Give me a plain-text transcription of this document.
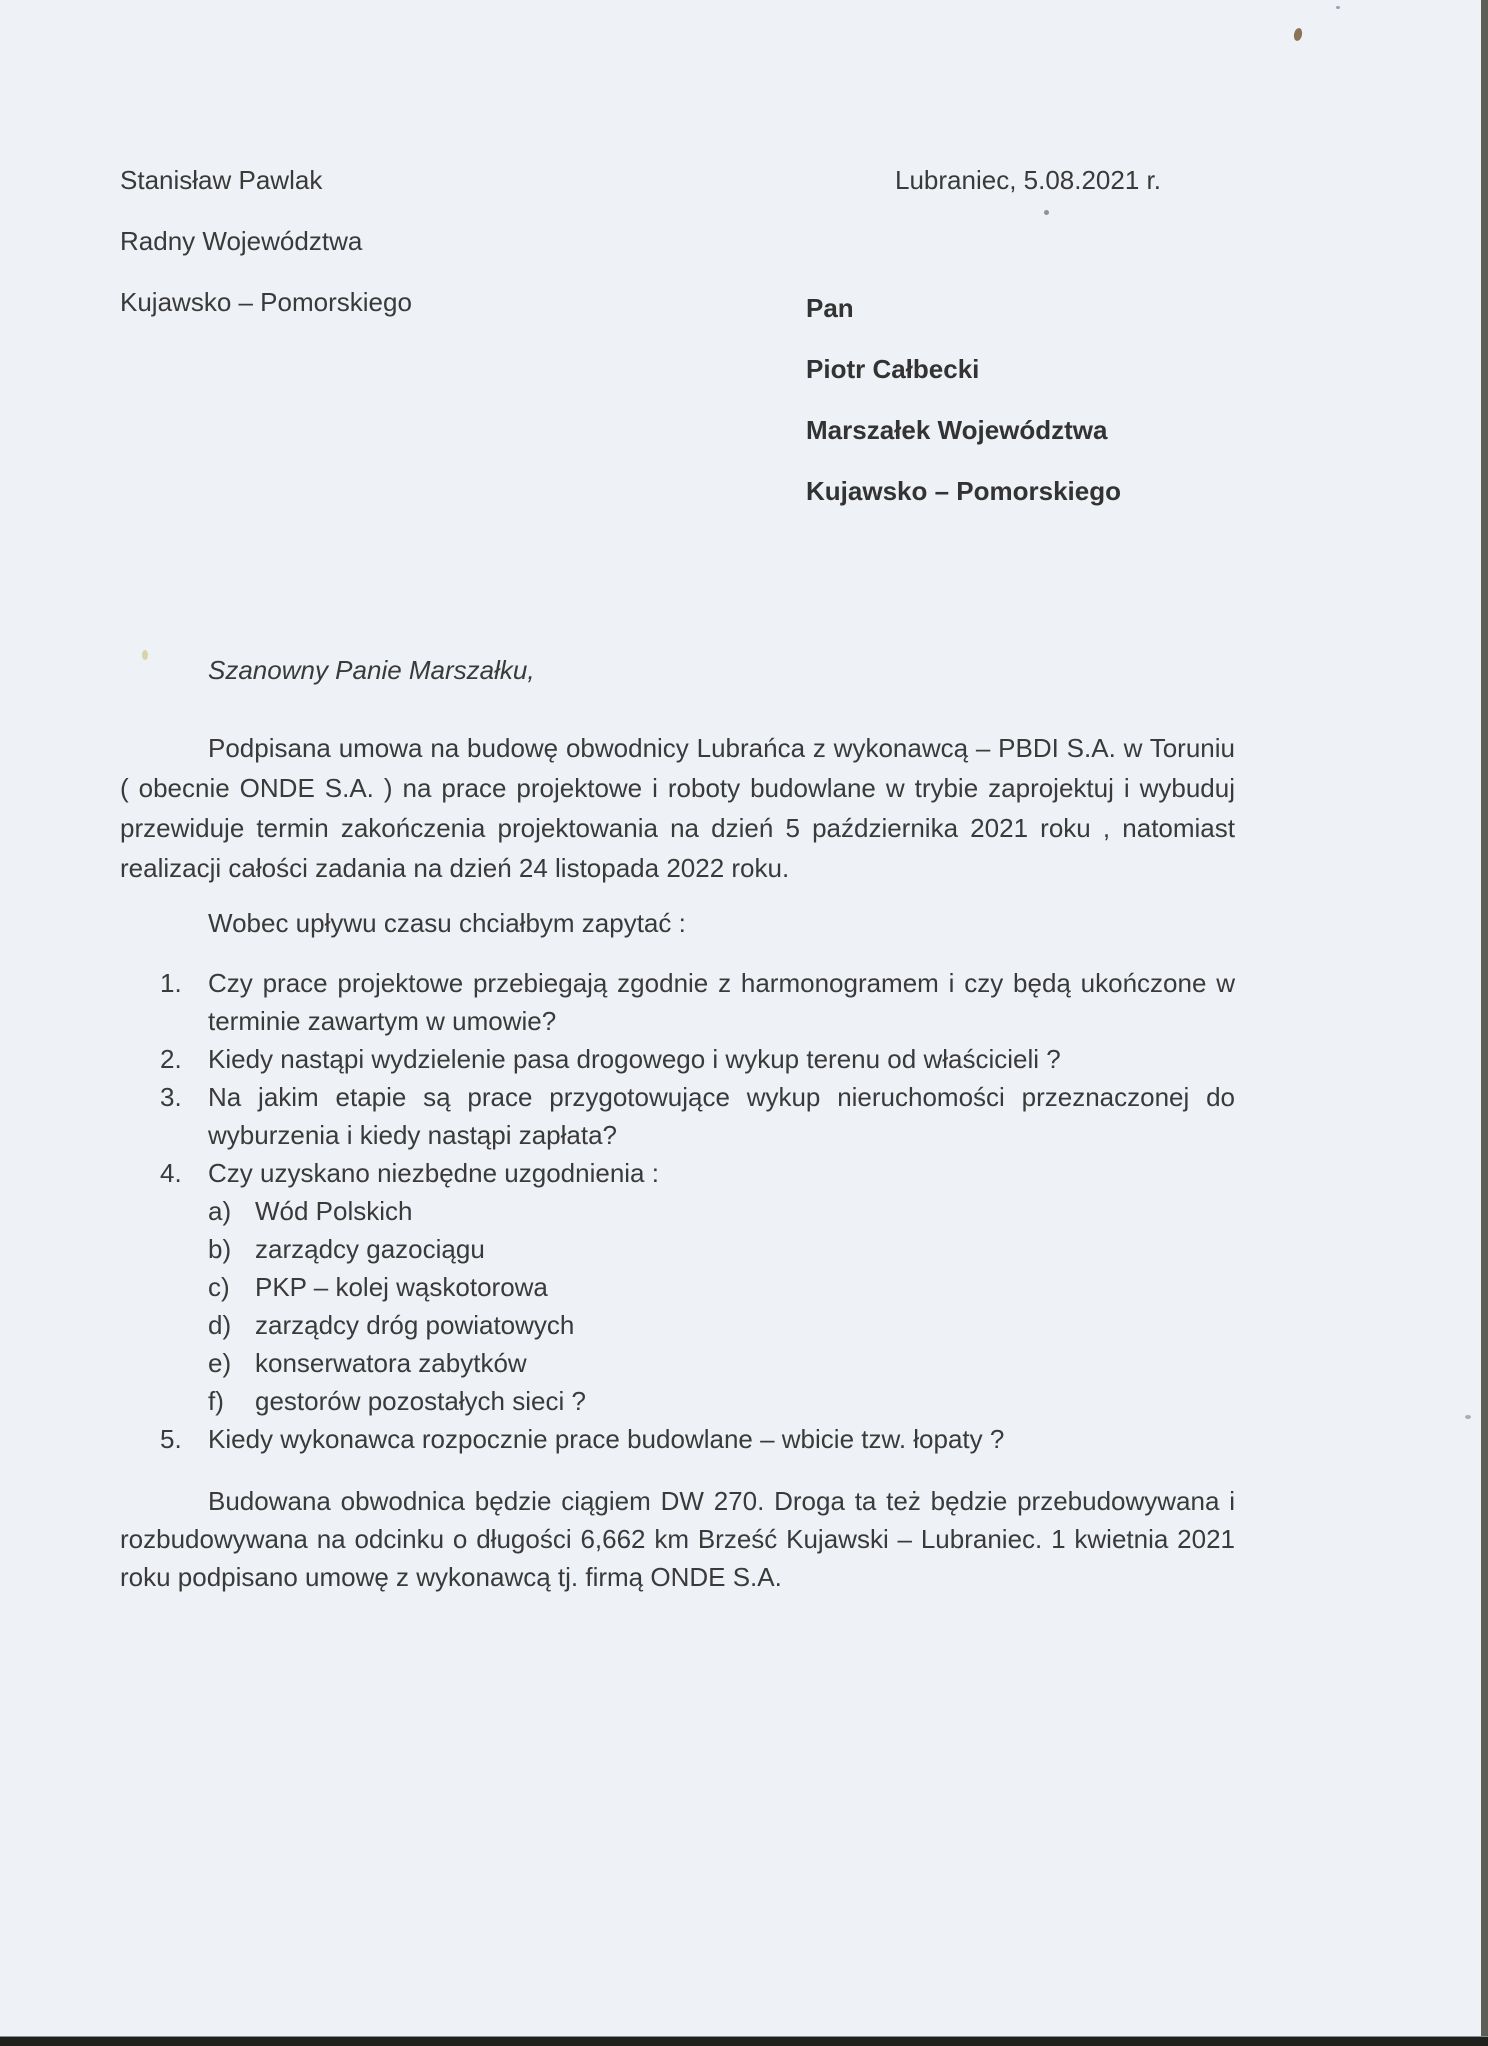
Stanisław Pawlak
Radny Województwa
Kujawsko – Pomorskiego
Lubraniec, 5.08.2021 r.
Pan
Piotr Całbecki
Marszałek Województwa
Kujawsko – Pomorskiego
Szanowny Panie Marszałku,
Podpisana umowa na budowę obwodnicy Lubrańca z wykonawcą – PBDI S.A. w Toruniu ( obecnie ONDE S.A. ) na prace projektowe i roboty budowlane w trybie zaprojektuj i wybuduj przewiduje termin zakończenia projektowania na dzień 5 października 2021 roku , natomiast realizacji całości zadania na dzień 24 listopada 2022 roku.
Wobec upływu czasu chciałbym zapytać :
1.	Czy prace projektowe przebiegają zgodnie z harmonogramem i czy będą ukończone w terminie zawartym w umowie?
2.	Kiedy nastąpi wydzielenie pasa drogowego i wykup terenu od właścicieli ?
3.	Na jakim etapie są prace przygotowujące wykup nieruchomości przeznaczonej do wyburzenia i kiedy nastąpi zapłata?
4.	Czy uzyskano niezbędne uzgodnienia :
a) Wód Polskich
b) zarządcy gazociągu
c) PKP – kolej wąskotorowa
d) zarządcy dróg powiatowych
e) konserwatora zabytków
f)	gestorów pozostałych sieci ?
5.	Kiedy wykonawca rozpocznie prace budowlane – wbicie tzw. łopaty ?
Budowana obwodnica będzie ciągiem DW 270. Droga ta też będzie przebudowywana i rozbudowywana na odcinku o długości 6,662 km Brześć Kujawski – Lubraniec. 1 kwietnia 2021 roku podpisano umowę z wykonawcą tj. firmą ONDE S.A.
